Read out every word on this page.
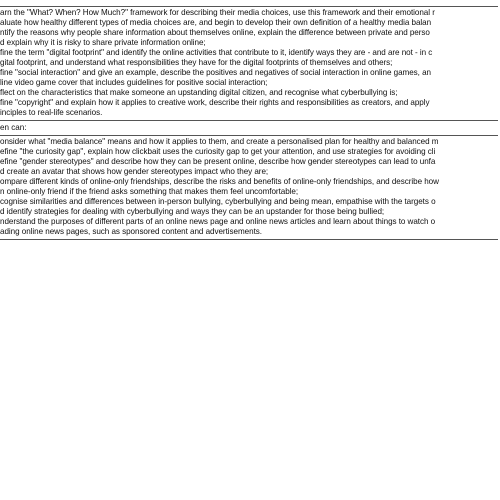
arn the "What? When? How Much?" framework for describing their media choices, use this framework and their emotional r
aluate how healthy different types of media choices are, and begin to develop their own definition of a healthy media balan
ntify the reasons why people share information about themselves online, explain the difference between private and perso
d explain why it is risky to share private information online;
fine the term "digital footprint" and identify the online activities that contribute to it, identify ways they are - and are not - in c
gital footprint, and understand what responsibilities they have for the digital footprints of themselves and others;
fine "social interaction" and give an example, describe the positives and negatives of social interaction in online games, an
line video game cover that includes guidelines for positive social interaction;
flect on the characteristics that make someone an upstanding digital citizen, and recognise what cyberbullying is;
fine "copyright" and explain how it applies to creative work, describe their rights and responsibilities as creators, and apply
inciples to real-life scenarios.
en can:
onsider what "media balance" means and how it applies to them, and create a personalised plan for healthy and balanced m
efine "the curiosity gap", explain how clickbait uses the curiosity gap to get your attention, and use strategies for avoiding cli
efine "gender stereotypes" and describe how they can be present online, describe how gender stereotypes can lead to unfa
d create an avatar that shows how gender stereotypes impact who they are;
ompare different kinds of online-only friendships, describe the risks and benefits of online-only friendships, and describe how
n online-only friend if the friend asks something that makes them feel uncomfortable;
cognise similarities and differences between in-person bullying, cyberbullying and being mean, empathise with the targets o
d identify strategies for dealing with cyberbullying and ways they can be an upstander for those being bullied;
nderstand the purposes of different parts of an online news page and online news articles and learn about things to watch o
ading online news pages, such as sponsored content and advertisements.
